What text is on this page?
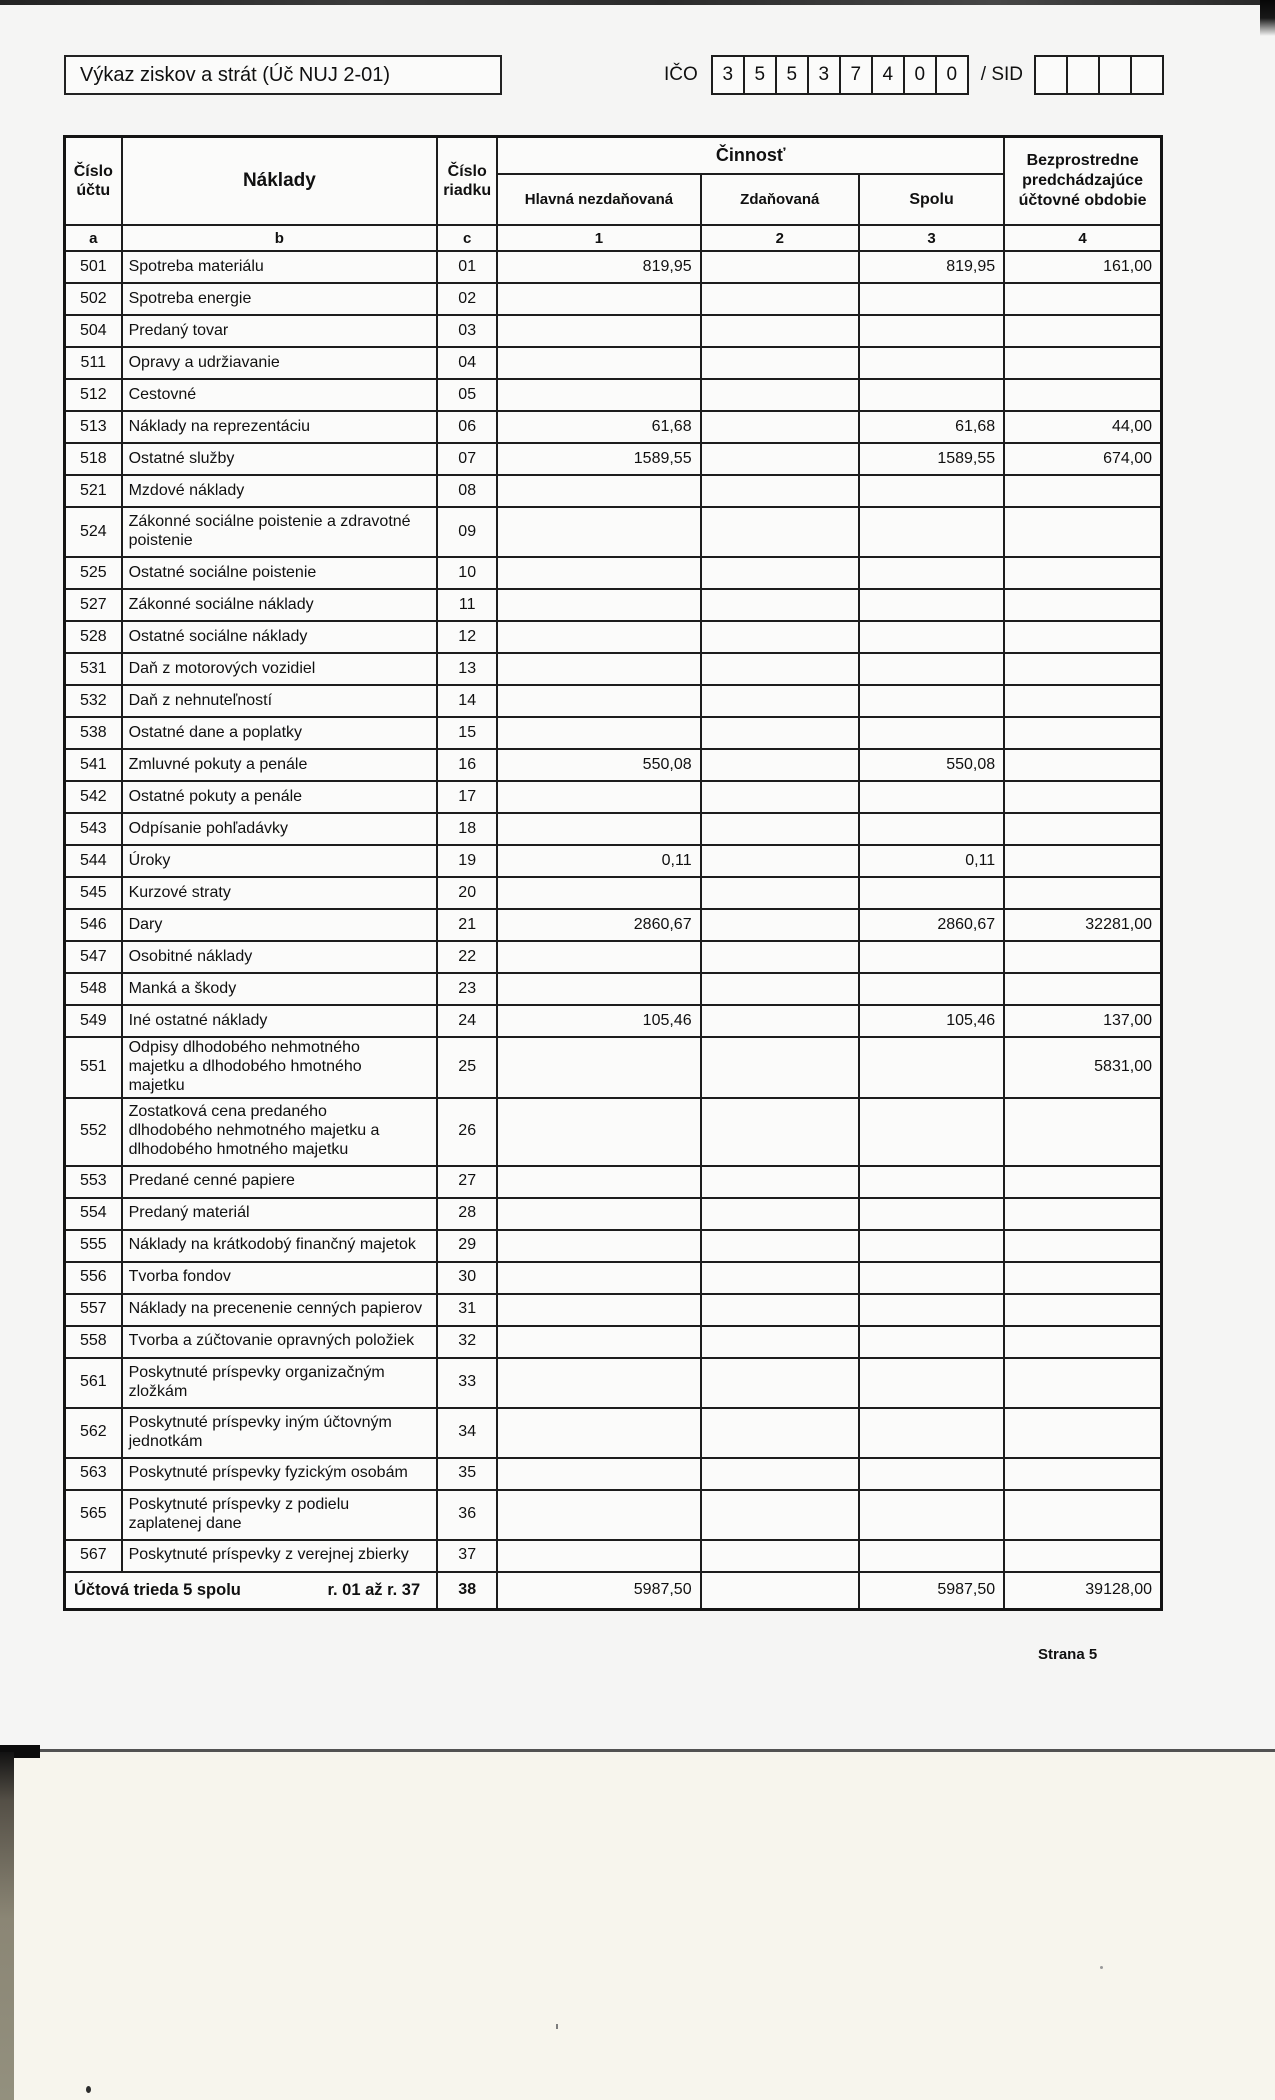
Výkaz ziskov a strát (Úč NUJ 2-01)	IČO	3	5	5	3	7	4	0	0	/ SID
Číslo účtu	Náklady	Číslo riadku	Činnosť			Bezprostredne predchádzajúce účtovné obdobie
			Hlavná nezdaňovaná	Zdaňovaná	Spolu	
a	b	c	1	2	3	4
501	Spotreba materiálu	01	819,95		819,95	161,00
502	Spotreba energie	02				
504	Predaný tovar	03				
511	Opravy a udržiavanie	04				
512	Cestovné	05				
513	Náklady na reprezentáciu	06	61,68		61,68	44,00
518	Ostatné služby	07	1589,55		1589,55	674,00
521	Mzdové náklady	08				
524	Zákonné sociálne poistenie a zdravotné poistenie	09				
525	Ostatné sociálne poistenie	10				
527	Zákonné sociálne náklady	11				
528	Ostatné sociálne náklady	12				
531	Daň z motorových vozidiel	13				
532	Daň z nehnuteľností	14				
538	Ostatné dane a poplatky	15				
541	Zmluvné pokuty a penále	16	550,08		550,08	
542	Ostatné pokuty a penále	17				
543	Odpísanie pohľadávky	18				
544	Úroky	19	0,11		0,11	
545	Kurzové straty	20				
546	Dary	21	2860,67		2860,67	32281,00
547	Osobitné náklady	22				
548	Manká a škody	23				
549	Iné ostatné náklady	24	105,46		105,46	137,00
551	Odpisy dlhodobého nehmotného majetku a dlhodobého hmotného majetku	25				5831,00
552	Zostatková cena predaného dlhodobého nehmotného majetku a dlhodobého hmotného majetku	26				
553	Predané cenné papiere	27				
554	Predaný materiál	28				
555	Náklady na krátkodobý finančný majetok	29				
556	Tvorba fondov	30				
557	Náklady na precenenie cenných papierov	31				
558	Tvorba a zúčtovanie opravných položiek	32				
561	Poskytnuté príspevky organizačným zložkám	33				
562	Poskytnuté príspevky iným účtovným jednotkám	34				
563	Poskytnuté príspevky fyzickým osobám	35				
565	Poskytnuté príspevky z podielu zaplatenej dane	36				
567	Poskytnuté príspevky z verejnej zbierky	37				

Účtová trieda 5 spolu r. 01 až r. 37		38	5987,50		5987,50	39128,00
Strana 5
